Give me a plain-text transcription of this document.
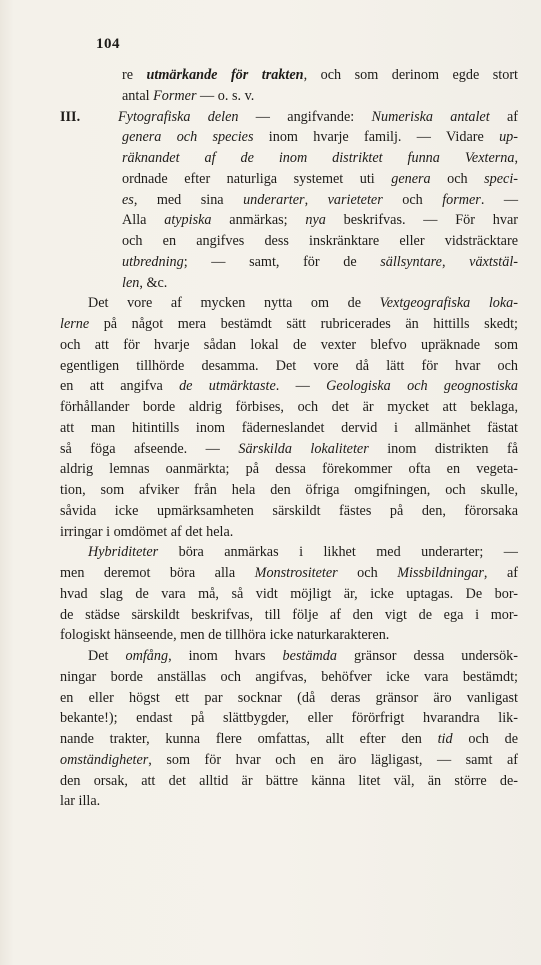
104
re utmärkande för trakten, och som derinom egde stort
antal Former — o. s. v.
III.	Fytografiska delen — angifvande: Numeriska antalet af
genera och species inom hvarje familj. — Vidare up-
räknandet af de inom distriktet funna Vexterna,
ordnade efter naturliga systemet uti genera och speci-
es, med sina underarter, varieteter och former. —
Alla atypiska anmärkas; nya beskrifvas. — För hvar
och en angifves dess inskränktare eller vidsträcktare
utbredning; — samt, för de sällsyntare, växtstäl-
len, &c.
Det vore af mycken nytta om de Vextgeografiska loka-
lerne på något mera bestämdt sätt rubricerades än hittills skedt;
och att för hvarje sådan lokal de vexter blefvo upräknade som
egentligen tillhörde desamma. Det vore då lätt för hvar och
en att angifva de utmärktaste. — Geologiska och geognostiska
förhållander borde aldrig förbises, och det är mycket att beklaga,
att man hitintills inom fäderneslandet dervid i allmänhet fästat
så föga afseende. — Särskilda lokaliteter inom distrikten få
aldrig lemnas oanmärkta; på dessa förekommer ofta en vegeta-
tion, som afviker från hela den öfriga omgifningen, och skulle,
såvida icke upmärksamheten särskildt fästes på den, förorsaka
irringar i omdömet af det hela.
Hybriditeter böra anmärkas i likhet med underarter; —
men deremot böra alla Monstrositeter och Missbildningar, af
hvad slag de vara må, så vidt möjligt är, icke uptagas. De bor-
de städse särskildt beskrifvas, till följe af den vigt de ega i mor-
fologiskt hänseende, men de tillhöra icke naturkarakteren.
Det omfång, inom hvars bestämda gränsor dessa undersök-
ningar borde anställas och angifvas, behöfver icke vara bestämdt;
en eller högst ett par socknar (då deras gränsor äro vanligast
bekante!); endast på slättbygder, eller förörfrigt hvarandra lik-
nande trakter, kunna flere omfattas, allt efter den tid och de
omständigheter, som för hvar och en äro lägligast, — samt af
den orsak, att det alltid är bättre känna litet väl, än större de-
lar illa.
